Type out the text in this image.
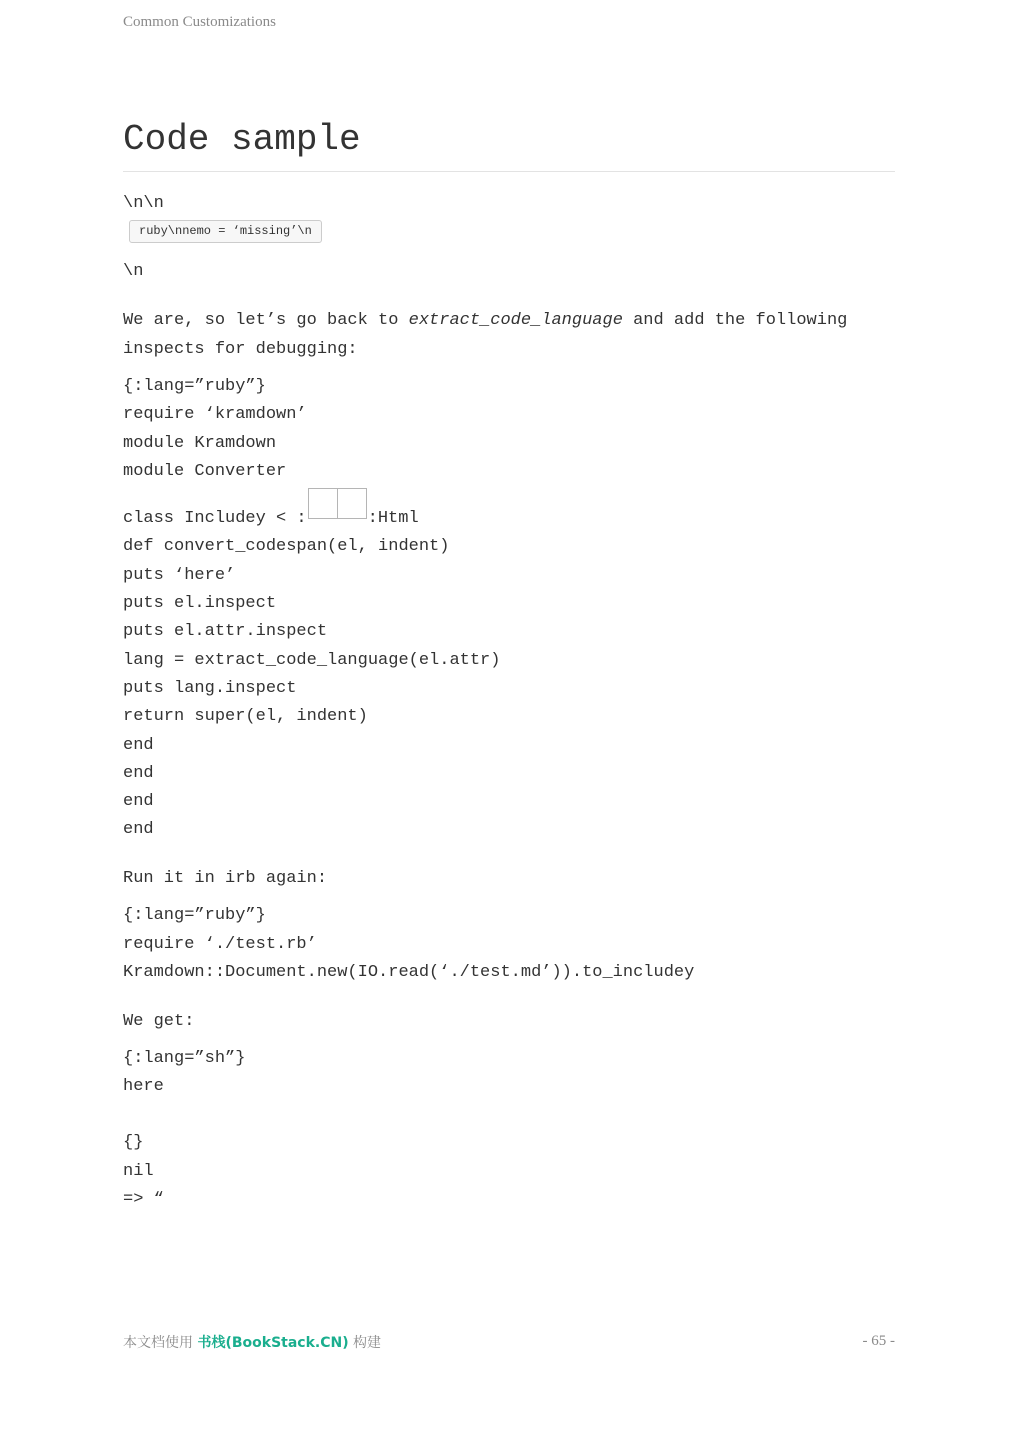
Common Customizations
Code sample

\n\n

ruby\nnemo = ‘missing’\n

\n

We are, so let’s go back to extract_code_language and add the following inspects for debugging:

{:lang=”ruby”}
require ‘kramdown’
module Kramdown
module Converter
class Includey < :
		:Html
def convert_codespan(el, indent)
puts ‘here’
puts el.inspect
puts el.attr.inspect
lang = extract_code_language(el.attr)
puts lang.inspect
return super(el, indent)
end
end
end
end

Run it in irb again:

{:lang=”ruby”}
require ‘./test.rb’
Kramdown::Document.new(IO.read(‘./test.md’)).to_includey

We get:

{:lang=”sh”}
here
{}
nil
=> “
本文档使用 书栈(BookStack.CN) 构建	- 65 -
